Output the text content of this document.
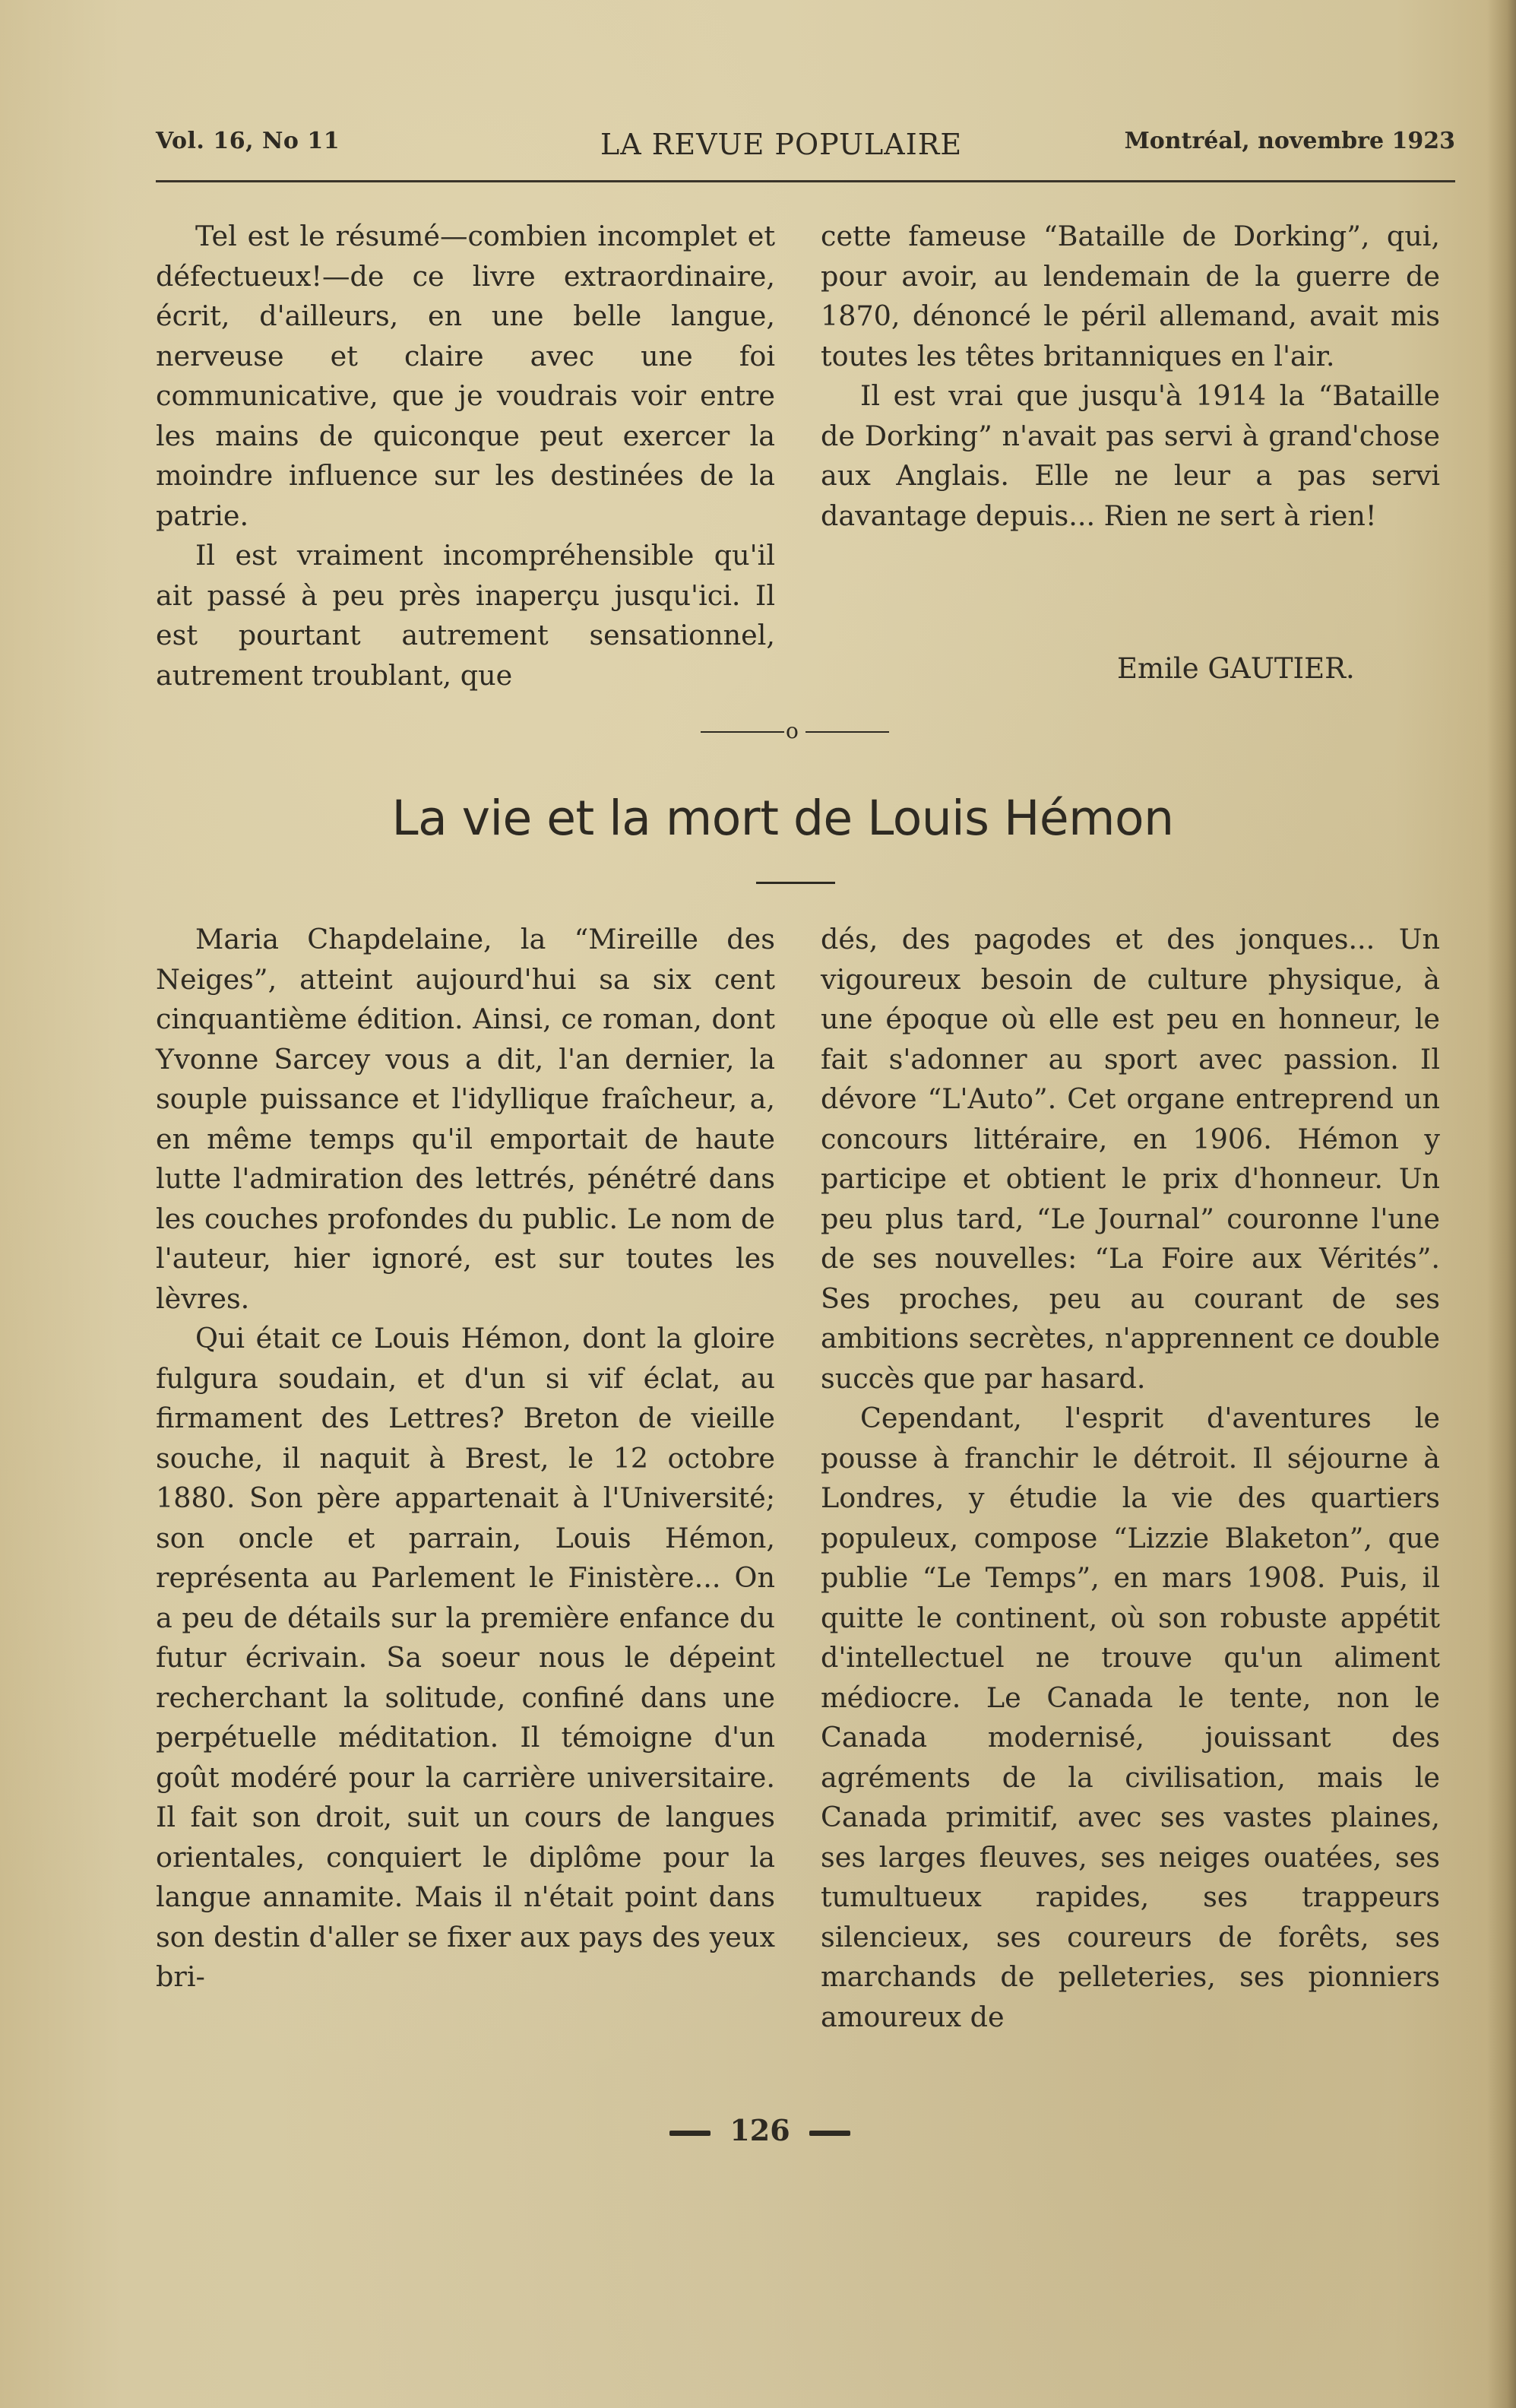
Vol. 16, No 11	LA REVUE POPULAIRE	Montréal, novembre 1923

Tel est le résumé—combien incomplet et défectueux!—de ce livre extraordinaire, écrit, d'ailleurs, en une belle langue, nerveuse et claire avec une foi communicative, que je voudrais voir entre les mains de quiconque peut exercer la moindre influence sur les destinées de la patrie.

Il est vraiment incompréhensible qu'il ait passé à peu près inaperçu jusqu'ici. Il est pourtant autrement sensationnel, autrement troublant, que

cette fameuse “Bataille de Dorking”, qui, pour avoir, au lendemain de la guerre de 1870, dénoncé le péril allemand, avait mis toutes les têtes britanniques en l'air.

Il est vrai que jusqu'à 1914 la “Bataille de Dorking” n'avait pas servi à grand'chose aux Anglais. Elle ne leur a pas servi davantage depuis... Rien ne sert à rien!

Emile GAUTIER.
o
La vie et la mort de Louis Hémon

Maria Chapdelaine, la “Mireille des Neiges”, atteint aujourd'hui sa six cent cinquantième édition. Ainsi, ce roman, dont Yvonne Sarcey vous a dit, l'an dernier, la souple puissance et l'idyllique fraîcheur, a, en même temps qu'il emportait de haute lutte l'admiration des lettrés, pénétré dans les couches profondes du public. Le nom de l'auteur, hier ignoré, est sur toutes les lèvres.

Qui était ce Louis Hémon, dont la gloire fulgura soudain, et d'un si vif éclat, au firmament des Lettres? Breton de vieille souche, il naquit à Brest, le 12 octobre 1880. Son père appartenait à l'Université; son oncle et parrain, Louis Hémon, représenta au Parlement le Finistère... On a peu de détails sur la première enfance du futur écrivain. Sa soeur nous le dépeint recherchant la solitude, confiné dans une perpétuelle méditation. Il témoigne d'un goût modéré pour la carrière universitaire. Il fait son droit, suit un cours de langues orientales, conquiert le diplôme pour la langue annamite. Mais il n'était point dans son destin d'aller se fixer aux pays des yeux bri-

dés, des pagodes et des jonques... Un vigoureux besoin de culture physique, à une époque où elle est peu en honneur, le fait s'adonner au sport avec passion. Il dévore “L'Auto”. Cet organe entreprend un concours littéraire, en 1906. Hémon y participe et obtient le prix d'honneur. Un peu plus tard, “Le Journal” couronne l'une de ses nouvelles: “La Foire aux Vérités”. Ses proches, peu au courant de ses ambitions secrètes, n'apprennent ce double succès que par hasard.

Cependant, l'esprit d'aventures le pousse à franchir le détroit. Il séjourne à Londres, y étudie la vie des quartiers populeux, compose “Lizzie Blaketon”, que publie “Le Temps”, en mars 1908. Puis, il quitte le continent, où son robuste appétit d'intellectuel ne trouve qu'un aliment médiocre. Le Canada le tente, non le Canada modernisé, jouissant des agréments de la civilisation, mais le Canada primitif, avec ses vastes plaines, ses larges fleuves, ses neiges ouatées, ses tumultueux rapides, ses trappeurs silencieux, ses coureurs de forêts, ses marchands de pelleteries, ses pionniers amoureux de

126
